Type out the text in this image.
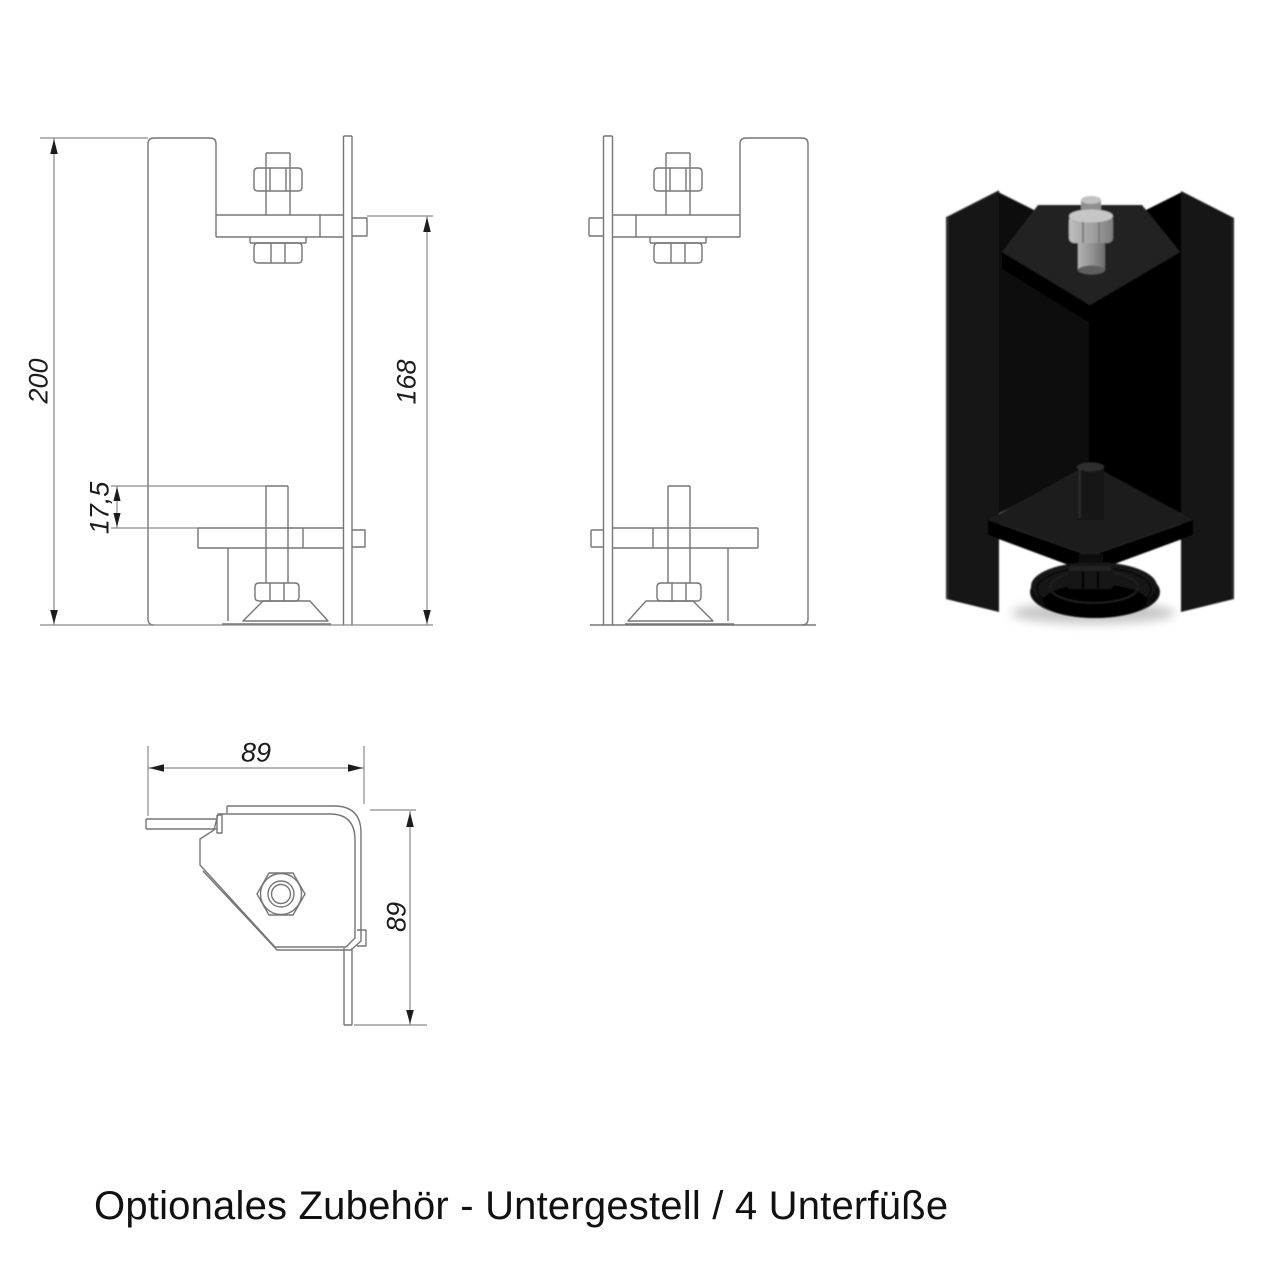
200	168
17,5
89
89
Optionales Zubehör - Untergestell / 4 Unterfüße
